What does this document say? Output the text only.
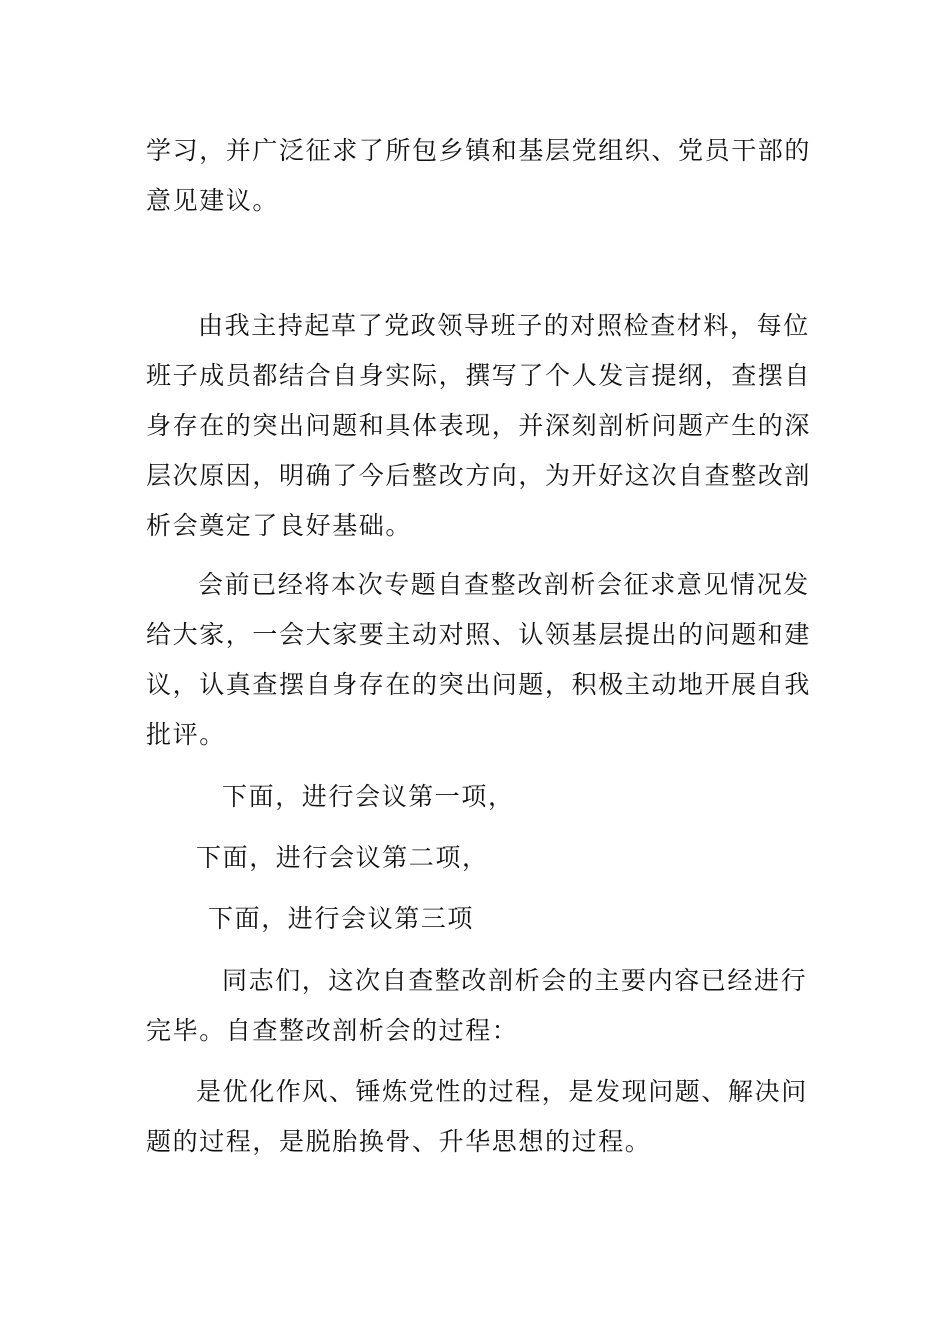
学习，并广泛征求了所包乡镇和基层党组织、党员干部的
意见建议。
由我主持起草了党政领导班子的对照检查材料，每位
班子成员都结合自身实际，撰写了个人发言提纲，查摆自
身存在的突出问题和具体表现，并深刻剖析问题产生的深
层次原因，明确了今后整改方向，为开好这次自查整改剖
析会奠定了良好基础。
会前已经将本次专题自查整改剖析会征求意见情况发
给大家，一会大家要主动对照、认领基层提出的问题和建
议，认真查摆自身存在的突出问题，积极主动地开展自我
批评。
下面，进行会议第一项，
下面，进行会议第二项，
下面，进行会议第三项
同志们，这次自查整改剖析会的主要内容已经进行
完毕。自查整改剖析会的过程：
是优化作风、锤炼党性的过程，是发现问题、解决问
题的过程，是脱胎换骨、升华思想的过程。
